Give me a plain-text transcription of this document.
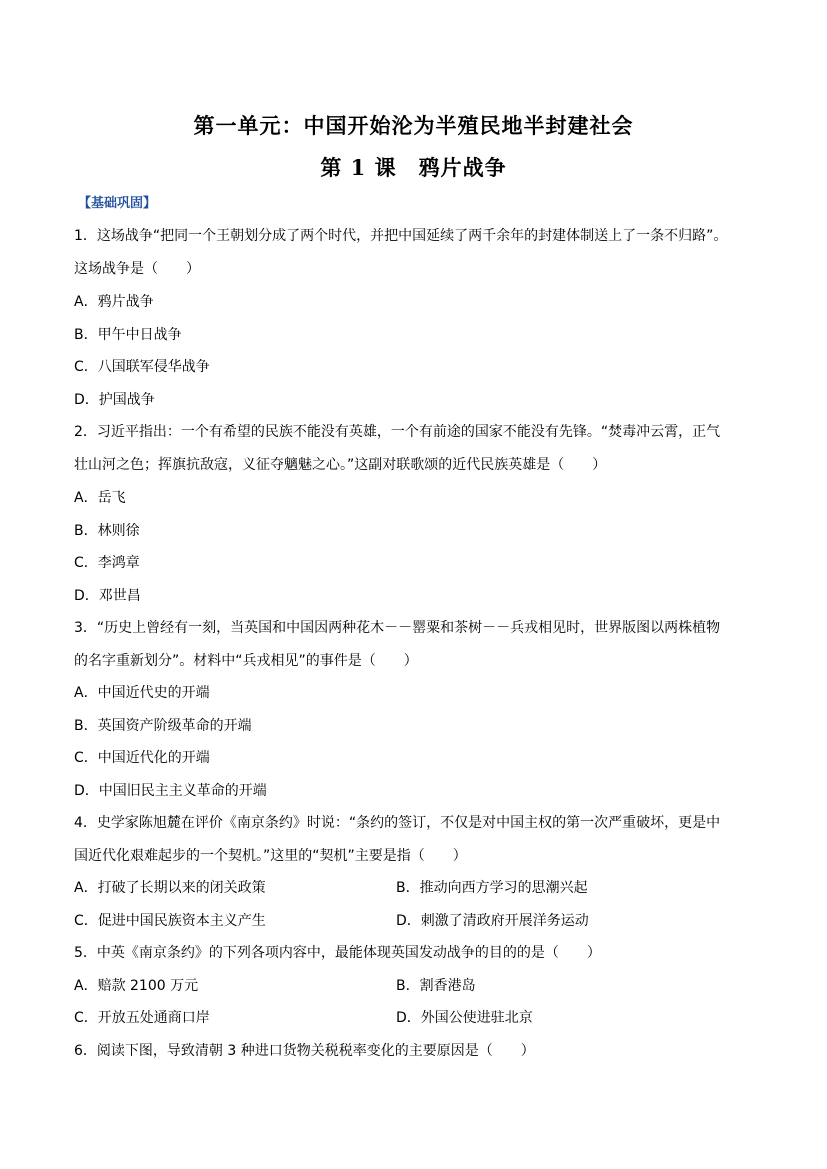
第一单元：中国开始沦为半殖民地半封建社会
第 1 课　鸦片战争
【基础巩固】
1．这场战争“把同一个王朝划分成了两个时代，并把中国延续了两千余年的封建体制送上了一条不归路”。
这场战争是（　　）
A．鸦片战争
B．甲午中日战争
C．八国联军侵华战争
D．护国战争
2．习近平指出：一个有希望的民族不能没有英雄，一个有前途的国家不能没有先锋。“焚毒冲云霄，正气
壮山河之色；挥旗抗敌寇，义征夺魑魅之心。”这副对联歌颂的近代民族英雄是（　　）
A．岳飞
B．林则徐
C．李鸿章
D．邓世昌
3．“历史上曾经有一刻，当英国和中国因两种花木－－罂粟和茶树－－兵戎相见时，世界版图以两株植物
的名字重新划分”。材料中“兵戎相见”的事件是（　　）
A．中国近代史的开端
B．英国资产阶级革命的开端
C．中国近代化的开端
D．中国旧民主主义革命的开端
4．史学家陈旭麓在评价《南京条约》时说：“条约的签订，不仅是对中国主权的第一次严重破坏，更是中
国近代化艰难起步的一个契机。”这里的“契机”主要是指（　　）
A．打破了长期以来的闭关政策	B．推动向西方学习的思潮兴起
C．促进中国民族资本主义产生	D．刺激了清政府开展洋务运动
5．中英《南京条约》的下列各项内容中，最能体现英国发动战争的目的的是（　　）
A．赔款 2100 万元	B．割香港岛
C．开放五处通商口岸	D．外国公使进驻北京
6．阅读下图，导致清朝 3 种进口货物关税税率变化的主要原因是（　　）
